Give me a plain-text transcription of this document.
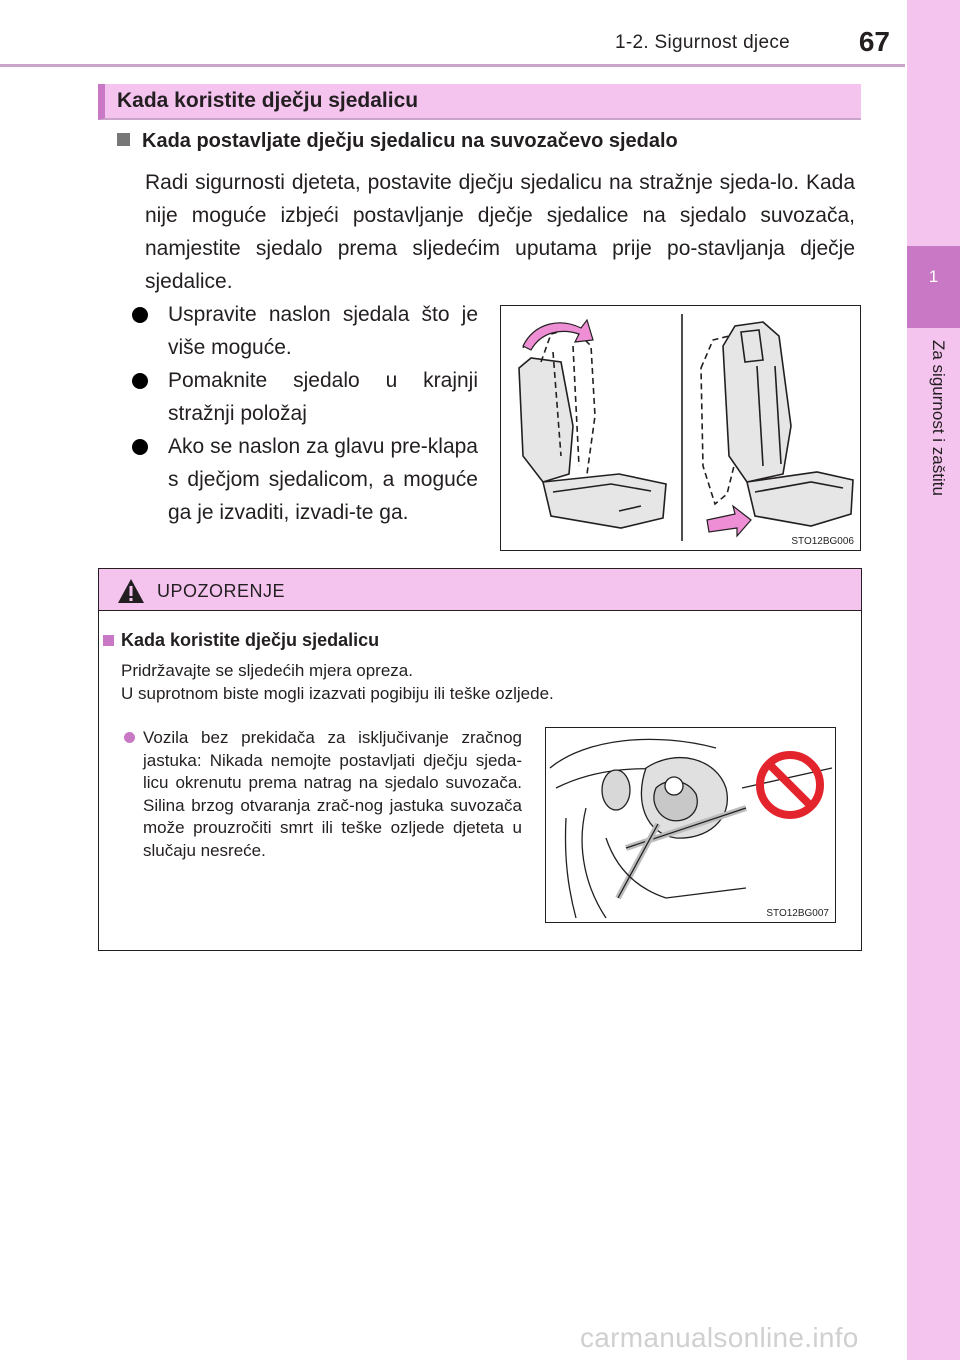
1-2. Sigurnost djece	67
1
Za sigurnost i zaštitu
Kada koristite dječju sjedalicu
Kada postavljate dječju sjedalicu na suvozačevo sjedalo

Radi sigurnosti djeteta, postavite dječju sjedalicu na stražnje sjeda-lo. Kada nije moguće izbjeći postavljanje dječje sjedalice na sjedalo suvozača, namjestite sjedalo prema sljedećim uputama prije po-stavljanja dječje sjedalice.

Uspravite naslon sjedala što je više moguće.
Pomaknite sjedalo u krajnji stražnji položaj
Ako se naslon za glavu pre-klapa s dječjom sjedalicom, a moguće ga je izvaditi, izvadi-te ga.
STO12BG006
UPOZORENJE
Kada koristite dječju sjedalicu
Pridržavajte se sljedećih mjera opreza.
U suprotnom biste mogli izazvati pogibiju ili teške ozljede.
Vozila bez prekidača za isključivanje zračnog jastuka: Nikada nemojte postavljati dječju sjeda-licu okrenutu prema natrag na sjedalo suvozača. Silina brzog otvaranja zrač-nog jastuka suvozača može prouzročiti smrt ili teške ozljede djeteta u slučaju nesreće.
STO12BG007
carmanualsonline.info
